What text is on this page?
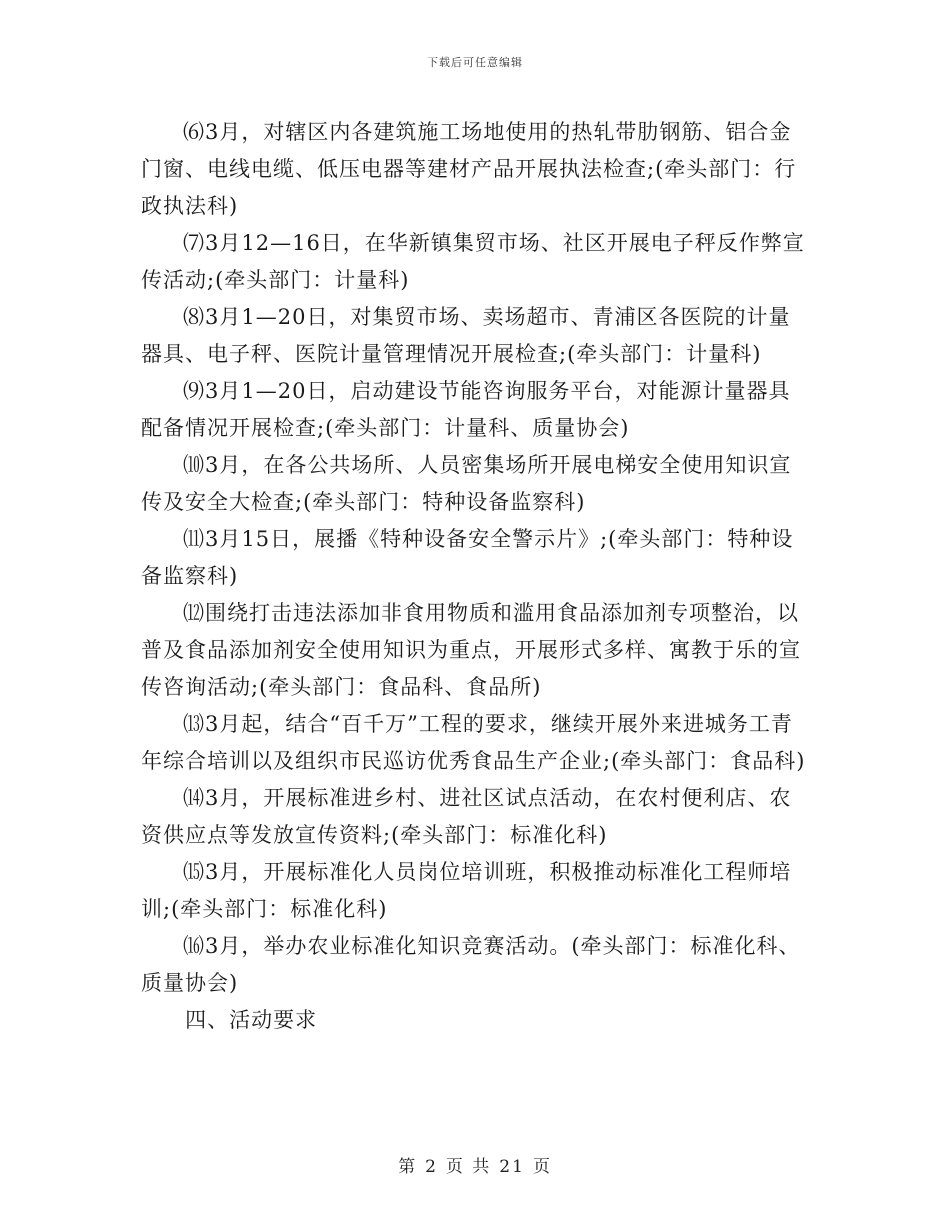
下载后可任意编辑

⑹3月，对辖区内各建筑施工场地使用的热轧带肋钢筋、铝合金门窗、电线电缆、低压电器等建材产品开展执法检查;(牵头部门：行政执法科)

⑺3月12—16日，在华新镇集贸市场、社区开展电子秤反作弊宣传活动;(牵头部门：计量科)

⑻3月1—20日，对集贸市场、卖场超市、青浦区各医院的计量器具、电子秤、医院计量管理情况开展检查;(牵头部门：计量科)

⑼3月1—20日，启动建设节能咨询服务平台，对能源计量器具配备情况开展检查;(牵头部门：计量科、质量协会)

⑽3月，在各公共场所、人员密集场所开展电梯安全使用知识宣传及安全大检查;(牵头部门：特种设备监察科)

⑾3月15日，展播《特种设备安全警示片》;(牵头部门：特种设备监察科)

⑿围绕打击违法添加非食用物质和滥用食品添加剂专项整治，以普及食品添加剂安全使用知识为重点，开展形式多样、寓教于乐的宣传咨询活动;(牵头部门：食品科、食品所)

⒀3月起，结合“百千万”工程的要求，继续开展外来进城务工青年综合培训以及组织市民巡访优秀食品生产企业;(牵头部门：食品科)

⒁3月，开展标准进乡村、进社区试点活动，在农村便利店、农资供应点等发放宣传资料;(牵头部门：标准化科)

⒂3月，开展标准化人员岗位培训班，积极推动标准化工程师培训;(牵头部门：标准化科)

⒃3月，举办农业标准化知识竞赛活动。(牵头部门：标准化科、质量协会)

四、活动要求

第 2 页 共 21 页
